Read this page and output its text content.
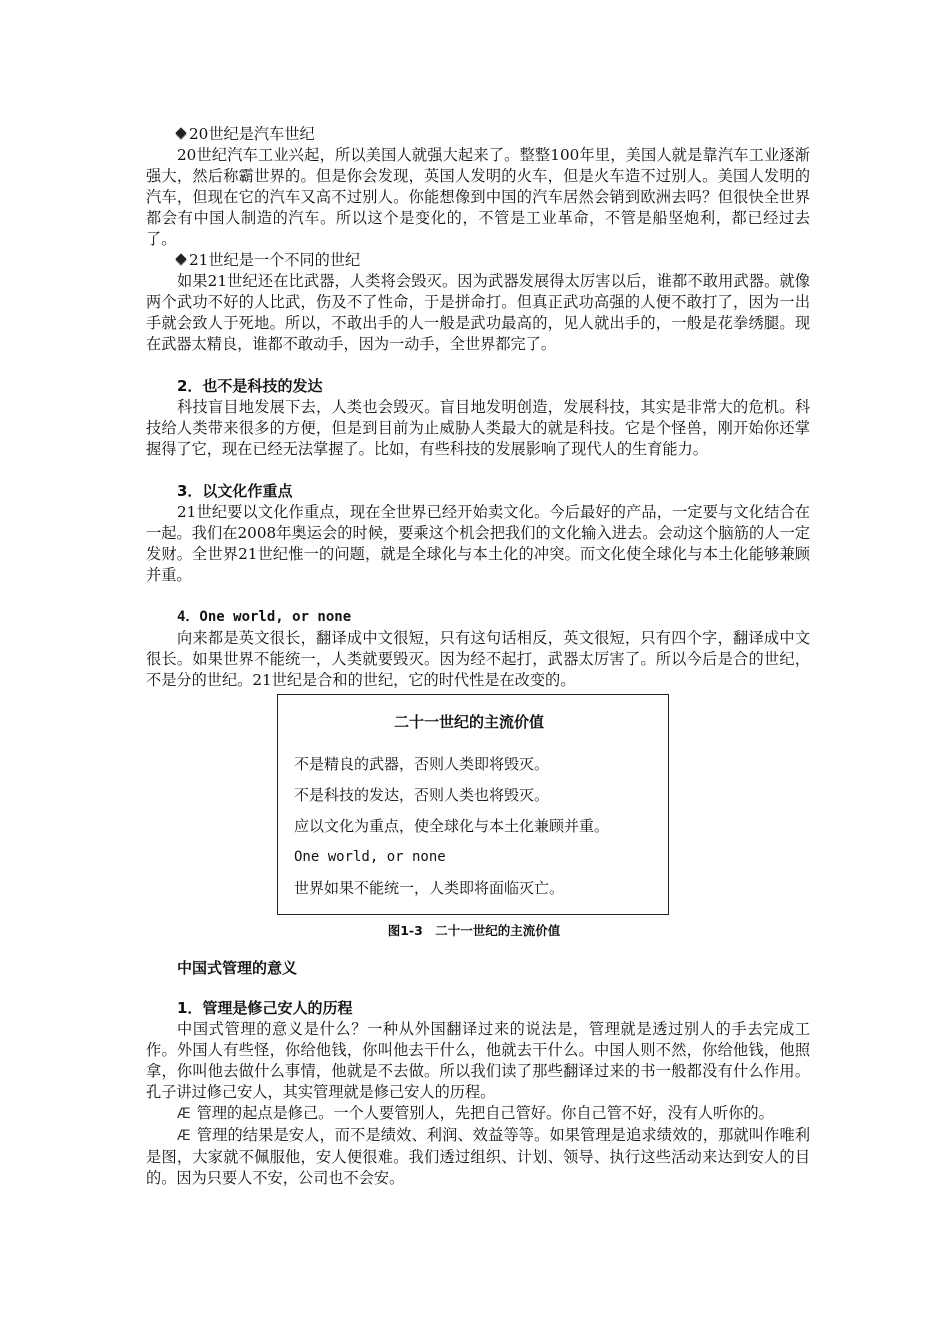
20世纪是汽车世纪

20世纪汽车工业兴起，所以美国人就强大起来了。整整100年里，美国人就是靠汽车工业逐渐强大，然后称霸世界的。但是你会发现，英国人发明的火车，但是火车造不过别人。美国人发明的汽车，但现在它的汽车又高不过别人。你能想像到中国的汽车居然会销到欧洲去吗？但很快全世界都会有中国人制造的汽车。所以这个是变化的，不管是工业革命，不管是船坚炮利，都已经过去了。

21世纪是一个不同的世纪

如果21世纪还在比武器，人类将会毁灭。因为武器发展得太厉害以后，谁都不敢用武器。就像两个武功不好的人比武，伤及不了性命，于是拼命打。但真正武功高强的人便不敢打了，因为一出手就会致人于死地。所以，不敢出手的人一般是武功最高的，见人就出手的，一般是花拳绣腿。现在武器太精良，谁都不敢动手，因为一动手，全世界都完了。

2．也不是科技的发达

科技盲目地发展下去，人类也会毁灭。盲目地发明创造，发展科技，其实是非常大的危机。科技给人类带来很多的方便，但是到目前为止威胁人类最大的就是科技。它是个怪兽，刚开始你还掌握得了它，现在已经无法掌握了。比如，有些科技的发展影响了现代人的生育能力。

3．以文化作重点

21世纪要以文化作重点，现在全世界已经开始卖文化。今后最好的产品，一定要与文化结合在一起。我们在2008年奥运会的时候，要乘这个机会把我们的文化输入进去。会动这个脑筋的人一定发财。全世界21世纪惟一的问题，就是全球化与本土化的冲突。而文化使全球化与本土化能够兼顾并重。

4．One world, or none

向来都是英文很长，翻译成中文很短，只有这句话相反，英文很短，只有四个字，翻译成中文很长。如果世界不能统一，人类就要毁灭。因为经不起打，武器太厉害了。所以今后是合的世纪，不是分的世纪。21世纪是合和的世纪，它的时代性是在改变的。

二十一世纪的主流价值
不是精良的武器，否则人类即将毁灭。
不是科技的发达，否则人类也将毁灭。
应以文化为重点，使全球化与本土化兼顾并重。
One world, or none
世界如果不能统一，人类即将面临灭亡。
图1-3　二十一世纪的主流价值
中国式管理的意义
1．管理是修己安人的历程

中国式管理的意义是什么？一种从外国翻译过来的说法是，管理就是透过别人的手去完成工作。外国人有些怪，你给他钱，你叫他去干什么，他就去干什么。中国人则不然，你给他钱，他照拿，你叫他去做什么事情，他就是不去做。所以我们读了那些翻译过来的书一般都没有什么作用。孔子讲过修己安人，其实管理就是修己安人的历程。

Æ 管理的起点是修己。一个人要管别人，先把自己管好。你自己管不好，没有人听你的。

Æ 管理的结果是安人，而不是绩效、利润、效益等等。如果管理是追求绩效的，那就叫作唯利是图，大家就不佩服他，安人便很难。我们透过组织、计划、领导、执行这些活动来达到安人的目的。因为只要人不安，公司也不会安。
